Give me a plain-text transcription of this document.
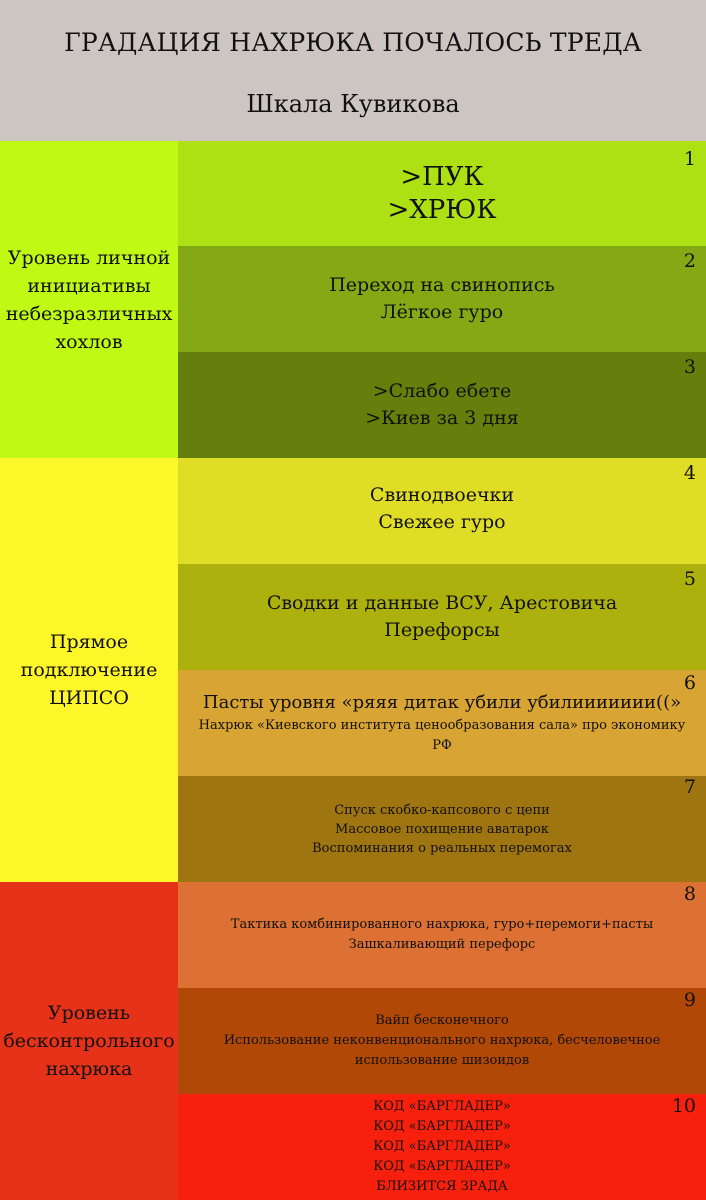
ГРАДАЦИЯ НАХРЮКА ПОЧАЛОСЬ ТРЕДА
Шкала Кувикова
Уровень личной
инициативы
небезразличных
хохлов
Прямое
подключение
ЦИПСО
Уровень
бесконтрольного
нахрюка
1
>ПУК
>ХРЮК
2
Переход на свинопись
Лёгкое гуро
3
>Слабо ебете
>Киев за 3 дня
4
Свинодвоечки
Свежее гуро
5
Сводки и данные ВСУ, Арестовича
Перефорсы
6
Пасты уровня «ряяя дитак убили убилиииииии((»
Нахрюк «Киевского института ценообразования сала» про экономику
РФ
7
Спуск скобко-капсового с цепи
Массовое похищение аватарок
Воспоминания о реальных перемогах
8
Тактика комбинированного нахрюка, гуро+перемоги+пасты
Зашкаливающий перефорс
9
Вайп бесконечного
Использование неконвенционального нахрюка, бесчеловечное
использование шизоидов
10
КОД «БАРГЛАДЕР»
КОД «БАРГЛАДЕР»
КОД «БАРГЛАДЕР»
КОД «БАРГЛАДЕР»
БЛИЗИТСЯ ЗРАДА
